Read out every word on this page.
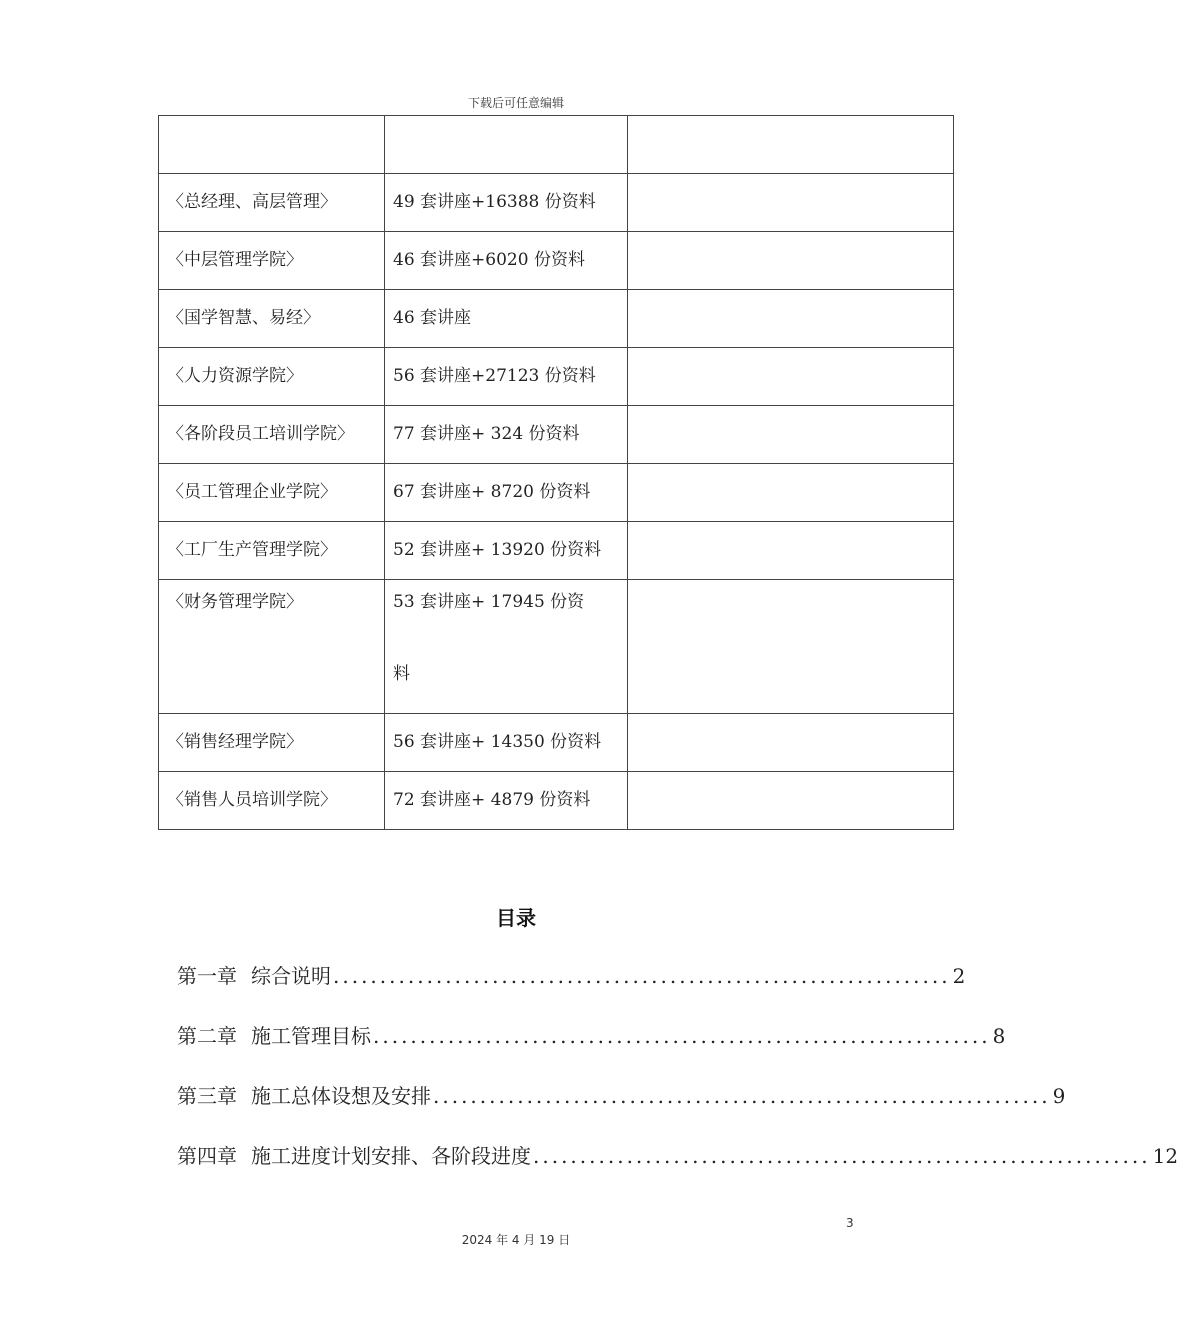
下载后可任意编辑

〈总经理、高层管理〉	49 套讲座+16388 份资料	
〈中层管理学院〉	46 套讲座+6020 份资料	
〈国学智慧、易经〉	46 套讲座	
〈人力资源学院〉	56 套讲座+27123 份资料	
〈各阶段员工培训学院〉	77 套讲座+ 324 份资料	
〈员工管理企业学院〉	67 套讲座+ 8720 份资料	
〈工厂生产管理学院〉	52 套讲座+ 13920 份资料	
〈财务管理学院〉	53 套讲座+ 17945 份资
料	

〈销售经理学院〉	56 套讲座+ 14350 份资料	
〈销售人员培训学院〉	72 套讲座+ 4879 份资料	
目录
第一章 综合说明 .................................................................. 2
第二章 施工管理目标 .................................................................. 8
第三章 施工总体设想及安排 .................................................................. 9
第四章 施工进度计划安排、各阶段进度 .................................................................. 12
3
2024 年 4 月 19 日
